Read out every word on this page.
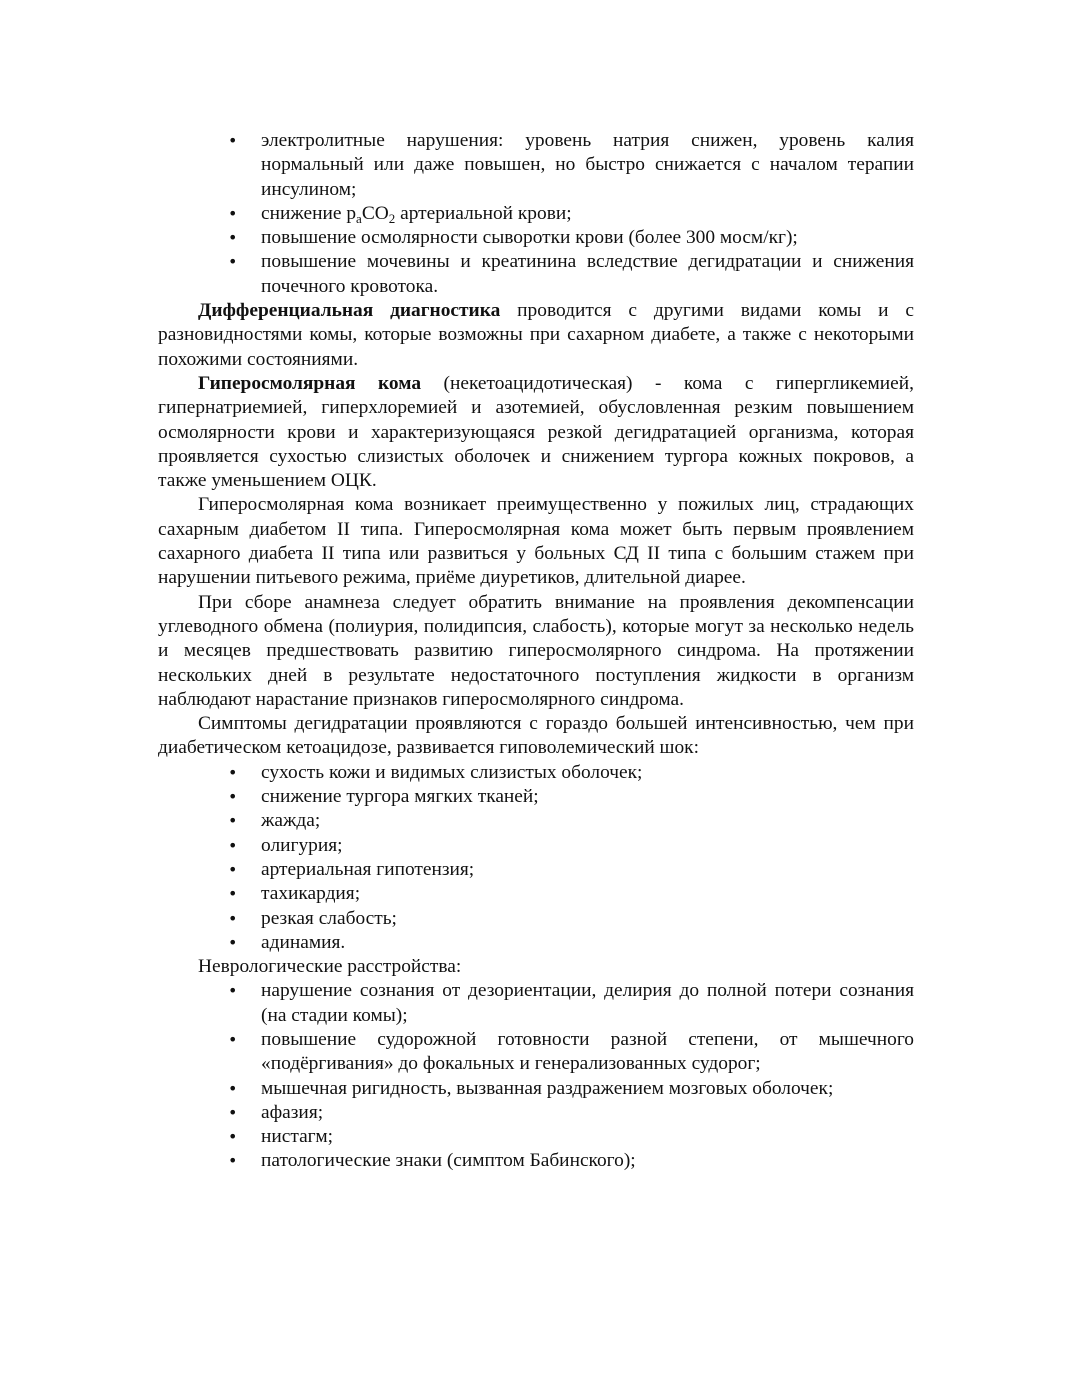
• электролитные нарушения: уровень натрия снижен, уровень калия нормальный или даже повышен, но быстро снижается с началом терапии инсулином;
• снижение $p_aCO_2$ артериальной крови;
• повышение осмолярности сыворотки крови (более 300 мосм/кг);
• повышение мочевины и креатинина вследствие дегидратации и снижения почечного кровотока.

Дифференциальная диагностика проводится с другими видами комы и с разновидностями комы, которые возможны при сахарном диабете, а также с некоторыми похожими состояниями.

Гиперосмолярная кома (некетоацидотическая) - кома с гипергликемией, гипернатриемией, гиперхлоремией и азотемией, обусловленная резким повышением осмолярности крови и характеризующаяся резкой дегидратацией организма, которая проявляется сухостью слизистых оболочек и снижением тургора кожных покровов, а также уменьшением ОЦК.

Гиперосмолярная кома возникает преимущественно у пожилых лиц, страдающих сахарным диабетом II типа. Гиперосмолярная кома может быть первым проявлением сахарного диабета II типа или развиться у больных СД II типа с большим стажем при нарушении питьевого режима, приёме диуретиков, длительной диарее.

При сборе анамнеза следует обратить внимание на проявления декомпенсации углеводного обмена (полиурия, полидипсия, слабость), которые могут за несколько недель и месяцев предшествовать развитию гиперосмолярного синдрома. На протяжении нескольких дней в результате недостаточного поступления жидкости в организм наблюдают нарастание признаков гиперосмолярного синдрома.

Симптомы дегидратации проявляются с гораздо большей интенсивностью, чем при диабетическом кетоацидозе, развивается гиповолемический шок:

• сухость кожи и видимых слизистых оболочек;
• снижение тургора мягких тканей;
• жажда;
• олигурия;
• артериальная гипотензия;
• тахикардия;
• резкая слабость;
• адинамия.

Неврологические расстройства:

• нарушение сознания от дезориентации, делирия до полной потери сознания (на стадии комы);
• повышение судорожной готовности разной степени, от мышечного «подёргивания» до фокальных и генерализованных судорог;
• мышечная ригидность, вызванная раздражением мозговых оболочек;
• афазия;
• нистагм;
• патологические знаки (симптом Бабинского);
